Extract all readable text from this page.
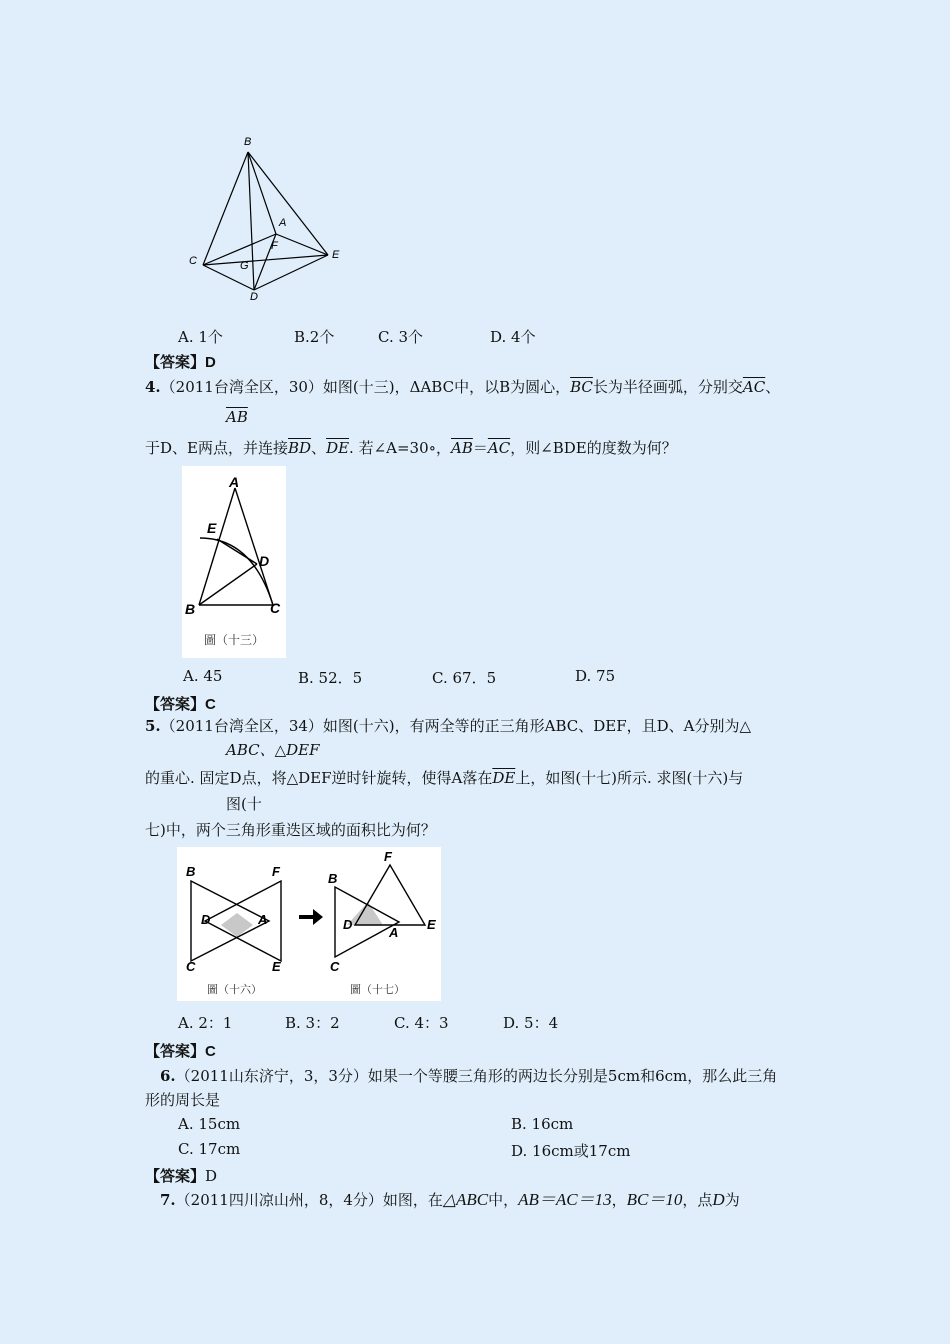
B
A
F
C	G
E
D
A. 1个	B.2个	C. 3个	D. 4个
【答案】D
4.（2011台湾全区，30）如图(十三)，ΔABC中，以B为圆心，$\overline{BC}$长为半径画弧，分别交$\overline{AC}$、
$\overline{AB}$
于D、E两点，并连接$\overline{BD}$、$\overline{DE}$. 若∠A=30∘，$\overline{AB}=\overline{AC}$，则∠BDE的度数为何？
A
E
D
B	C
圖（十三）
A. 45	B. 52．5	C. 67．5	D. 75
【答案】C
5.（2011台湾全区，34）如图(十六)，有两全等的正三角形ABC、DEF，且D、A分别为△
ABC、△DEF
的重心. 固定D点，将△DEF逆时针旋转，使得A落在$\overline{DE}$上，如图(十七)所示. 求图(十六)与
图(十
七)中，两个三角形重迭区域的面积比为何？
B	F
D	A
C	E
圖（十六）
F
B
D
A
E
C
圖（十七）
A. 2：1	B. 3：2	C. 4：3	D. 5：4
【答案】C
6.（2011山东济宁，3，3分）如果一个等腰三角形的两边长分别是5cm和6cm，那么此三角
形的周长是
A. 15cm	B. 16cm
C. 17cm	D. 16cm或17cm
【答案】D
7.（2011四川凉山州，8，4分）如图，在△ABC中，AB＝AC＝13，BC＝10，点D为
